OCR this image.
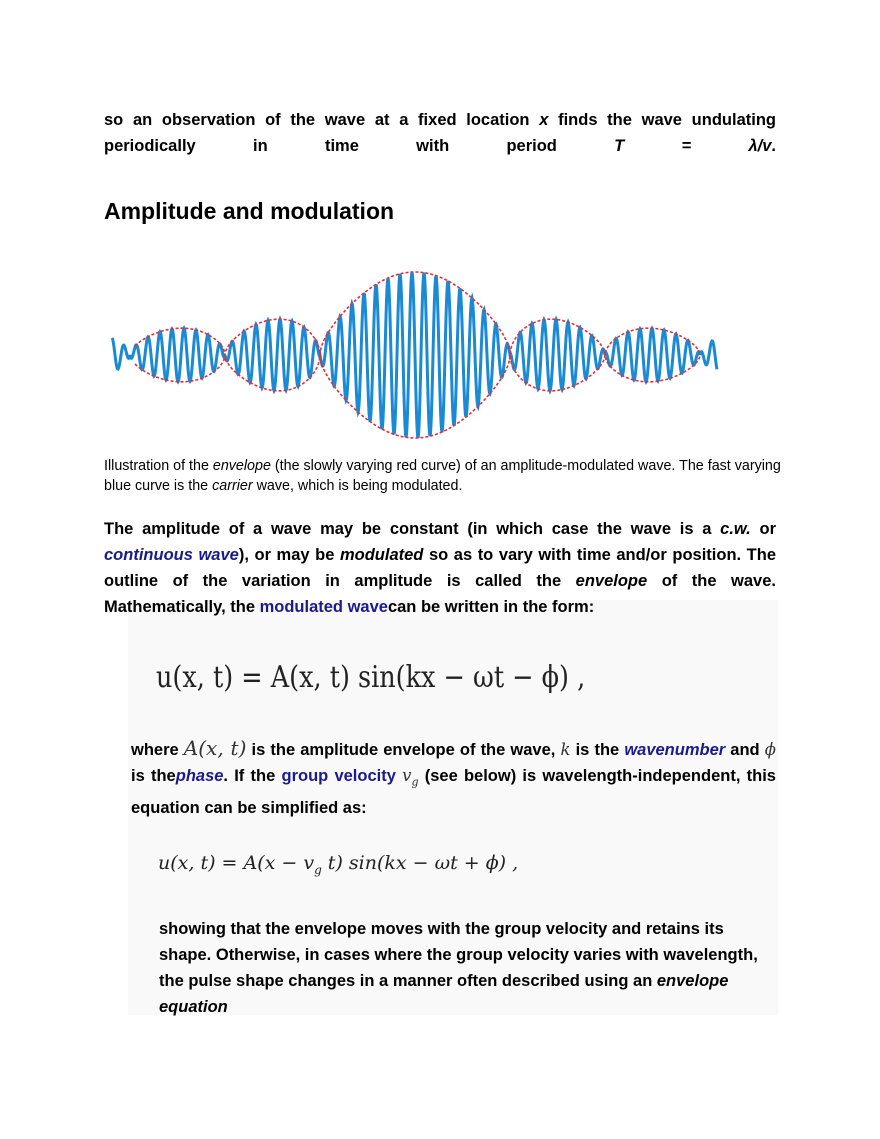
so an observation of the wave at a fixed location x finds the wave undulating periodically in time with period T = λ/v.
Amplitude and modulation
Illustration of the envelope (the slowly varying red curve) of an amplitude-modulated wave. The fast varying blue curve is the carrier wave, which is being modulated.
The amplitude of a wave may be constant (in which case the wave is a c.w. or continuous wave), or may be modulated so as to vary with time and/or position. The outline of the variation in amplitude is called the envelope of the wave. Mathematically, the modulated wavecan be written in the form:
u(x, t) = A(x, t) sin(kx − ωt − ϕ) ,
where A(x, t) is the amplitude envelope of the wave, k is the wavenumber and ϕ is thephase. If the group velocity $v_g$ (see below) is wavelength-independent, this equation can be simplified as:
u(x, $t) = A(x - v_g$ t) sin(kx − ωt + ϕ) ,
showing that the envelope moves with the group velocity and retains its shape. Otherwise, in cases where the group velocity varies with wavelength, the pulse shape changes in a manner often described using an envelope equation
